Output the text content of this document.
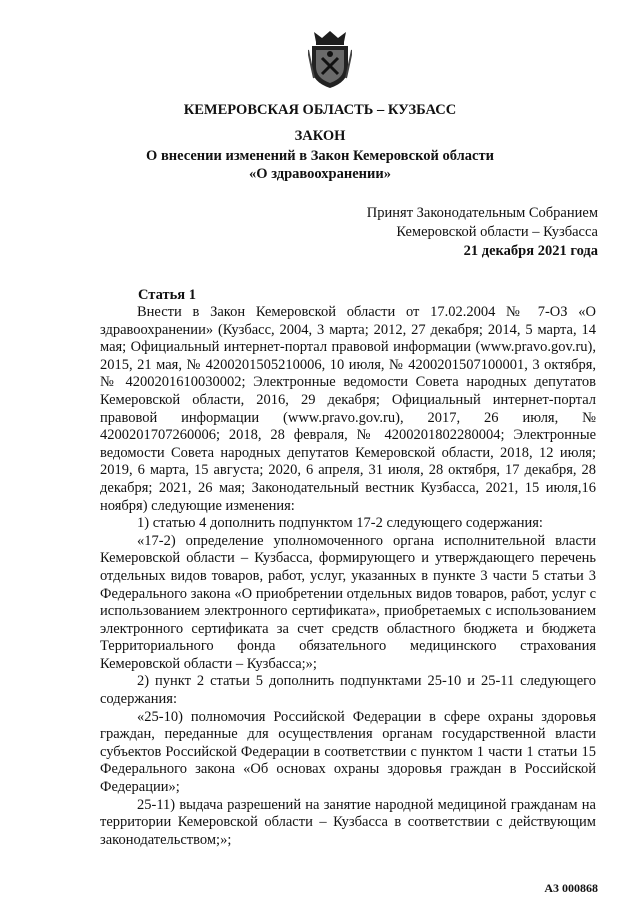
КЕМЕРОВСКАЯ ОБЛАСТЬ – КУЗБАСС
ЗАКОН
О внесении изменений в Закон Кемеровской области
«О здравоохранении»
Принят Законодательным Собранием
Кемеровской области – Кузбасса
21 декабря 2021 года
Статья 1

Внести в Закон Кемеровской области от 17.02.2004 № 7-ОЗ «О здравоохранении» (Кузбасс, 2004, 3 марта; 2012, 27 декабря; 2014, 5 марта, 14 мая; Официальный интернет-портал правовой информации (www.pravo.gov.ru), 2015, 21 мая, № 4200201505210006, 10 июля, № 4200201507100001, 3 октября, № 4200201610030002; Электронные ведомости Совета народных депутатов Кемеровской области, 2016, 29 декабря; Официальный интернет-портал правовой информации (www.pravo.gov.ru), 2017, 26 июля, № 4200201707260006; 2018, 28 февраля, № 4200201802280004; Электронные ведомости Совета народных депутатов Кемеровской области, 2018, 12 июля; 2019, 6 марта, 15 августа; 2020, 6 апреля, 31 июля, 28 октября, 17 декабря, 28 декабря; 2021, 26 мая; Законодательный вестник Кузбасса, 2021, 15 июля,16 ноября) следующие изменения:

1) статью 4 дополнить подпунктом 17-2 следующего содержания:

«17-2) определение уполномоченного органа исполнительной власти Кемеровской области – Кузбасса, формирующего и утверждающего перечень отдельных видов товаров, работ, услуг, указанных в пункте 3 части 5 статьи 3 Федерального закона «О приобретении отдельных видов товаров, работ, услуг с использованием электронного сертификата», приобретаемых с использованием электронного сертификата за счет средств областного бюджета и бюджета Территориального фонда обязательного медицинского страхования Кемеровской области – Кузбасса;»;

2) пункт 2 статьи 5 дополнить подпунктами 25-10 и 25-11 следующего содержания:

«25-10) полномочия Российской Федерации в сфере охраны здоровья граждан, переданные для осуществления органам государственной власти субъектов Российской Федерации в соответствии с пунктом 1 части 1 статьи 15 Федерального закона «Об основах охраны здоровья граждан в Российской Федерации»;

25-11) выдача разрешений на занятие народной медициной гражданам на территории Кемеровской области – Кузбасса в соответствии с действующим законодательством;»;

А3 000868
